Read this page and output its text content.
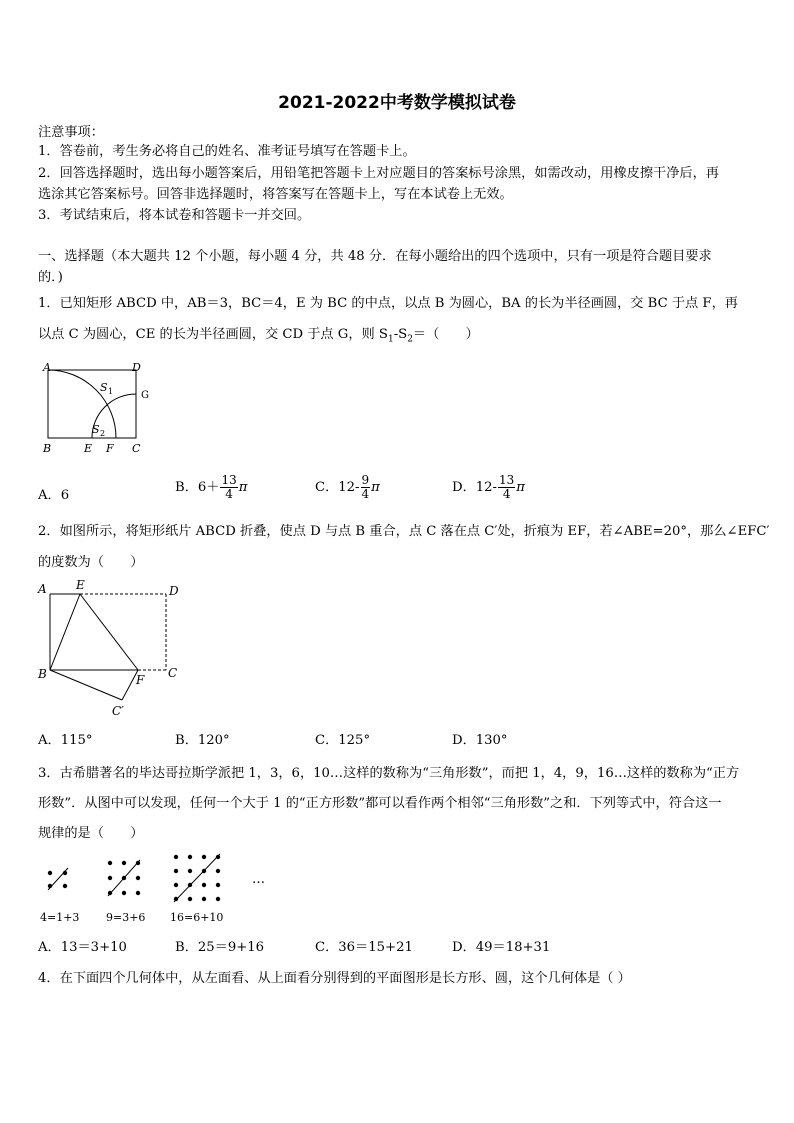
2021-2022中考数学模拟试卷
注意事项：
1．答卷前，考生务必将自己的姓名、准考证号填写在答题卡上。
2．回答选择题时，选出每小题答案后，用铅笔把答题卡上对应题目的答案标号涂黑，如需改动，用橡皮擦干净后，再
选涂其它答案标号。回答非选择题时，将答案写在答题卡上，写在本试卷上无效。
3．考试结束后，将本试卷和答题卡一并交回。
一、选择题（本大题共 12 个小题，每小题 4 分，共 48 分．在每小题给出的四个选项中，只有一项是符合题目要求
的．)
1．已知矩形 ABCD 中，AB＝3，BC＝4，E 为 BC 的中点，以点 B 为圆心，BA 的长为半径画圆，交 BC 于点 F，再
以点 C 为圆心，CE 的长为半径画圆，交 CD 于点 G，则 $S_1-S_2=$（　　）
A	D
G
B	E F C
S 1
S 2
A．6
B．$6+ \frac{13}{4}$ π	C．$12- \frac{9}{4}$ π	D．$12- \frac{13}{4}$ π
2．如图所示，将矩形纸片 ABCD 折叠，使点 D 与点 B 重合，点 C 落在点 C′处，折痕为 EF，若∠ABE=20°，那么∠EFC′
的度数为（　　）
A E	D
B	F C
C′
A．115°	B．120°	C．125°	D．130°
3．古希腊著名的毕达哥拉斯学派把 1，3，6，10…这样的数称为“三角形数”，而把 1，4，9，16…这样的数称为“正方
形数”．从图中可以发现，任何一个大于 1 的“正方形数”都可以看作两个相邻“三角形数”之和．下列等式中，符合这一
规律的是（　　）
…
4=1+3 9=3+6 16=6+10
A．13＝3+10	B．25＝9+16	C．36＝15+21	D．49＝18+31
4．在下面四个几何体中，从左面看、从上面看分别得到的平面图形是长方形、圆，这个几何体是（ ）
